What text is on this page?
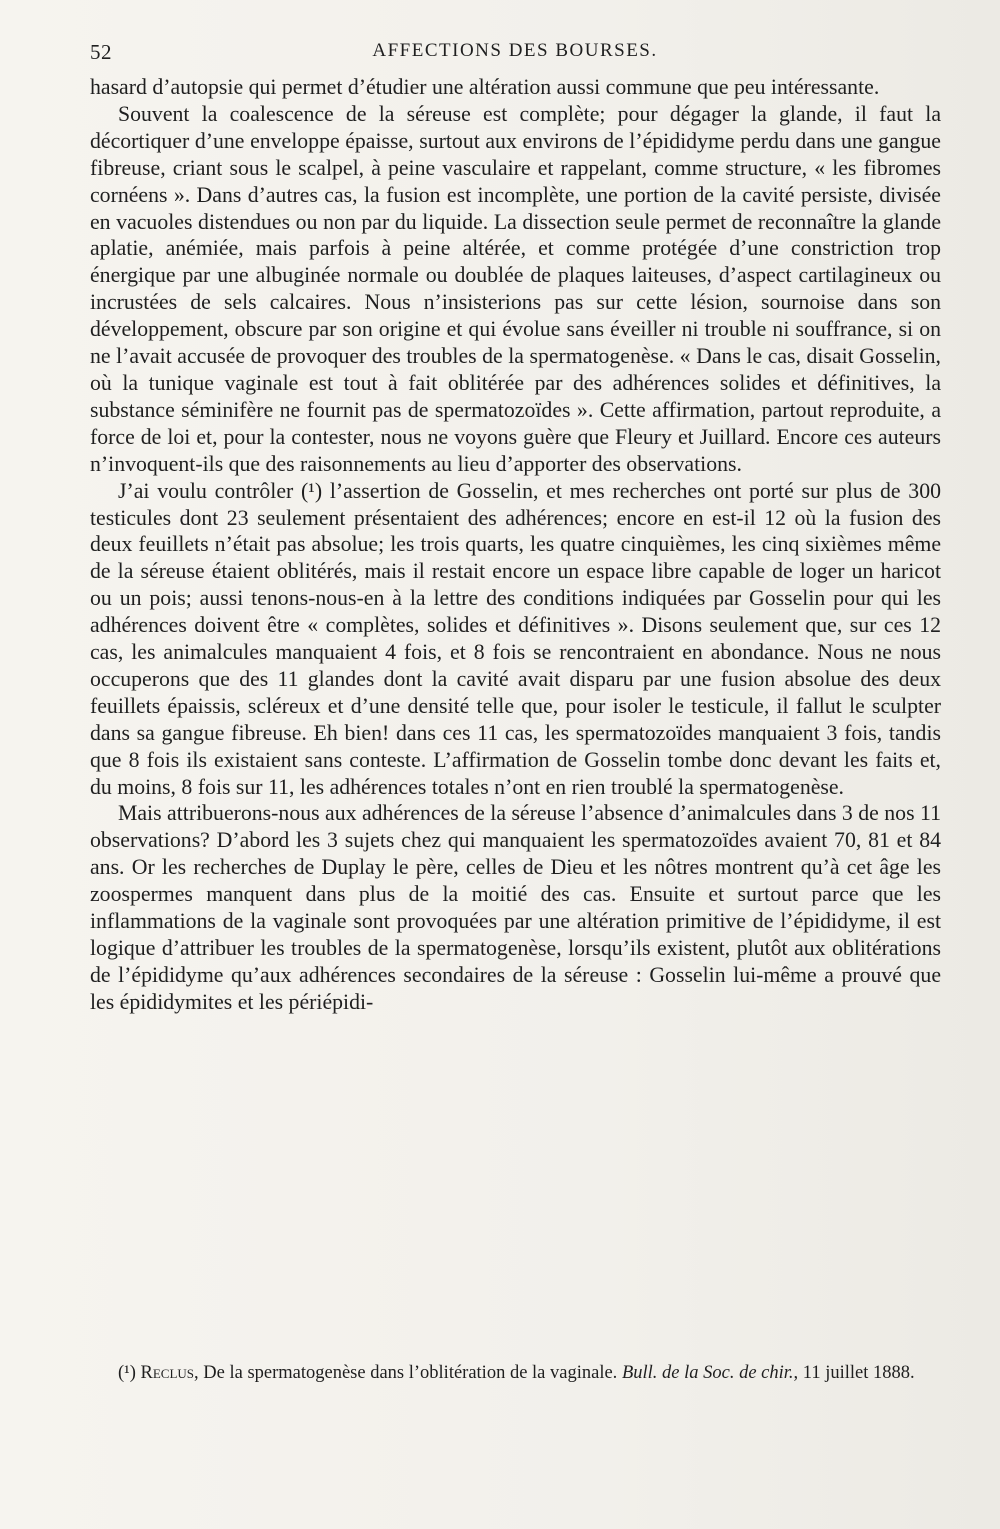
52	AFFECTIONS DES BOURSES.

hasard d’autopsie qui permet d’étudier une altération aussi commune que peu intéressante.

Souvent la coalescence de la séreuse est complète; pour dégager la glande, il faut la décortiquer d’une enveloppe épaisse, surtout aux environs de l’épididyme perdu dans une gangue fibreuse, criant sous le scalpel, à peine vasculaire et rappelant, comme structure, « les fibromes cornéens ». Dans d’autres cas, la fusion est incomplète, une portion de la cavité persiste, divisée en vacuoles distendues ou non par du liquide. La dissection seule permet de reconnaître la glande aplatie, anémiée, mais parfois à peine altérée, et comme protégée d’une constriction trop énergique par une albuginée normale ou doublée de plaques laiteuses, d’aspect cartilagineux ou incrustées de sels calcaires. Nous n’insisterions pas sur cette lésion, sournoise dans son développement, obscure par son origine et qui évolue sans éveiller ni trouble ni souffrance, si on ne l’avait accusée de provoquer des troubles de la spermatogenèse. « Dans le cas, disait Gosselin, où la tunique vaginale est tout à fait oblitérée par des adhérences solides et définitives, la substance séminifère ne fournit pas de spermatozoïdes ». Cette affirmation, partout reproduite, a force de loi et, pour la contester, nous ne voyons guère que Fleury et Juillard. Encore ces auteurs n’invoquent-ils que des raisonnements au lieu d’apporter des observations.

J’ai voulu contrôler (¹) l’assertion de Gosselin, et mes recherches ont porté sur plus de 300 testicules dont 23 seulement présentaient des adhérences; encore en est-il 12 où la fusion des deux feuillets n’était pas absolue; les trois quarts, les quatre cinquièmes, les cinq sixièmes même de la séreuse étaient oblitérés, mais il restait encore un espace libre capable de loger un haricot ou un pois; aussi tenons-nous-en à la lettre des conditions indiquées par Gosselin pour qui les adhérences doivent être « complètes, solides et définitives ». Disons seulement que, sur ces 12 cas, les animalcules manquaient 4 fois, et 8 fois se rencontraient en abondance. Nous ne nous occuperons que des 11 glandes dont la cavité avait disparu par une fusion absolue des deux feuillets épaissis, scléreux et d’une densité telle que, pour isoler le testicule, il fallut le sculpter dans sa gangue fibreuse. Eh bien! dans ces 11 cas, les spermatozoïdes manquaient 3 fois, tandis que 8 fois ils existaient sans conteste. L’affirmation de Gosselin tombe donc devant les faits et, du moins, 8 fois sur 11, les adhérences totales n’ont en rien troublé la spermatogenèse.

Mais attribuerons-nous aux adhérences de la séreuse l’absence d’animalcules dans 3 de nos 11 observations? D’abord les 3 sujets chez qui manquaient les spermatozoïdes avaient 70, 81 et 84 ans. Or les recherches de Duplay le père, celles de Dieu et les nôtres montrent qu’à cet âge les zoospermes manquent dans plus de la moitié des cas. Ensuite et surtout parce que les inflammations de la vaginale sont provoquées par une altération primitive de l’épididyme, il est logique d’attribuer les troubles de la spermatogenèse, lorsqu’ils existent, plutôt aux oblitérations de l’épididyme qu’aux adhérences secondaires de la séreuse : Gosselin lui-même a prouvé que les épididymites et les périépidi-

(¹) Reclus, De la spermatogenèse dans l’oblitération de la vaginale. Bull. de la Soc. de chir., 11 juillet 1888.
